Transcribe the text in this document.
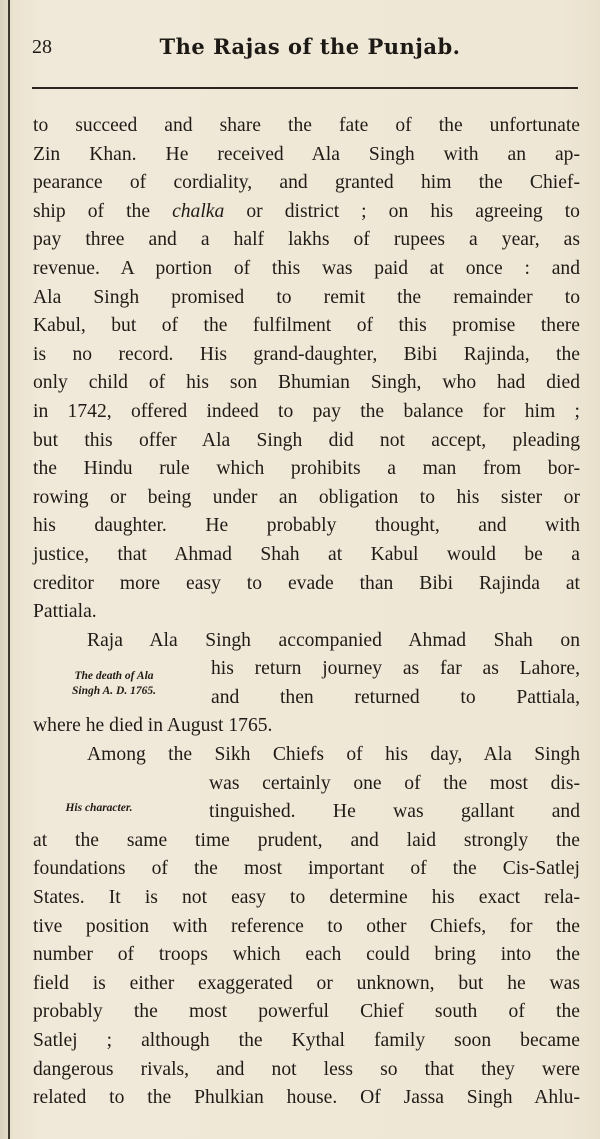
28	The Rajas of the Punjab.
to succeed and share the fate of the unfortunate
Zin Khan. He received Ala Singh with an ap-
pearance of cordiality, and granted him the Chief-
ship of the chalka or district ; on his agreeing to
pay three and a half lakhs of rupees a year, as
revenue. A portion of this was paid at once : and
Ala Singh promised to remit the remainder to
Kabul, but of the fulfilment of this promise there
is no record. His grand-daughter, Bibi Rajinda, the
only child of his son Bhumian Singh, who had died
in 1742, offered indeed to pay the balance for him ;
but this offer Ala Singh did not accept, pleading
the Hindu rule which prohibits a man from bor-
rowing or being under an obligation to his sister or
his daughter. He probably thought, and with
justice, that Ahmad Shah at Kabul would be a
creditor more easy to evade than Bibi Rajinda at
Pattiala.
Raja Ala Singh accompanied Ahmad Shah on
his return journey as far as Lahore,
and then returned to Pattiala,
where he died in August 1765.
Among the Sikh Chiefs of his day, Ala Singh
was certainly one of the most dis-
tinguished. He was gallant and
at the same time prudent, and laid strongly the
foundations of the most important of the Cis-Satlej
States. It is not easy to determine his exact rela-
tive position with reference to other Chiefs, for the
number of troops which each could bring into the
field is either exaggerated or unknown, but he was
probably the most powerful Chief south of the
Satlej ; although the Kythal family soon became
dangerous rivals, and not less so that they were
related to the Phulkian house. Of Jassa Singh Ahlu-
The death of Ala
Singh A. D. 1765.
His character.
